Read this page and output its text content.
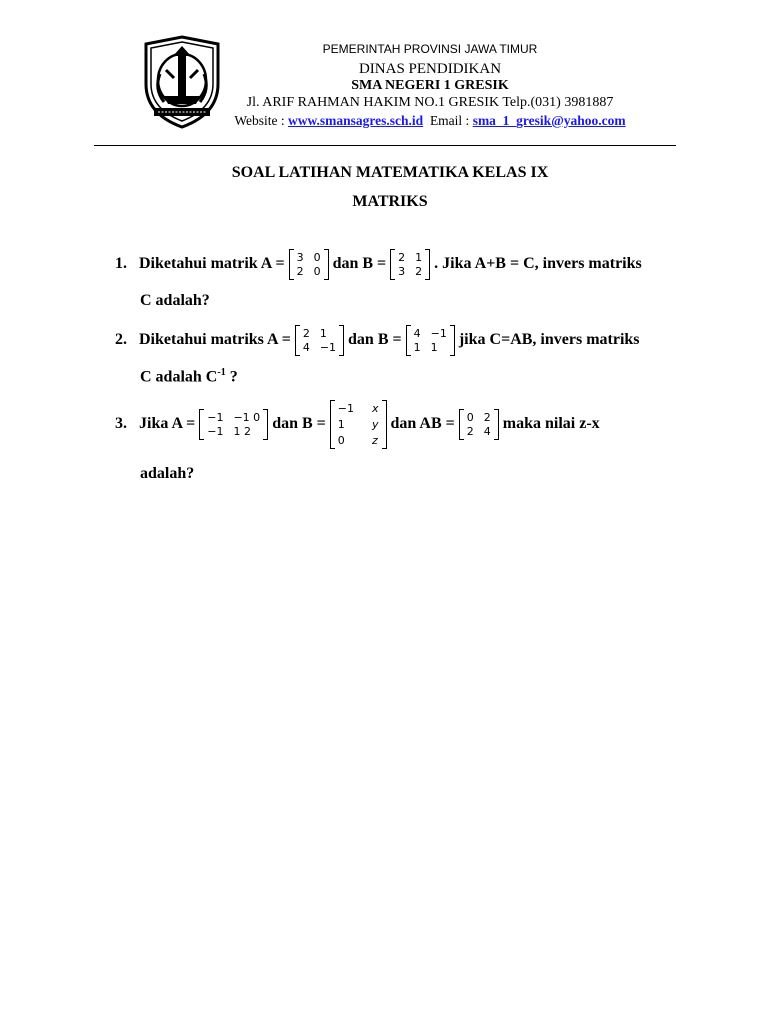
PEMERINTAH PROVINSI JAWA TIMUR
DINAS PENDIDIKAN
SMA NEGERI 1 GRESIK
Jl. ARIF RAHMAN HAKIM NO.1 GRESIK Telp.(031) 3981887
Website : www.smansagres.sch.id Email : sma_1_gresik@yahoo.com
SOAL LATIHAN MATEMATIKA KELAS IX
MATRIKS
1. Diketahui matrik A = 3 0
2 0 dan B = 2 1
3 2 . Jika A+B = C, invers matriks
C adalah?
2. Diketahui matriks A = 2 1
4 −1 dan B = 4 −1
1 1	jika C=AB, invers matriks
C adalah $C^{-1}$ ?
3. Jika A = −1 −1 0
−1 1 2	dan B =
−1 x
1	y
0	z
dan AB = 0 2
2 4 maka nilai z-x
adalah?
